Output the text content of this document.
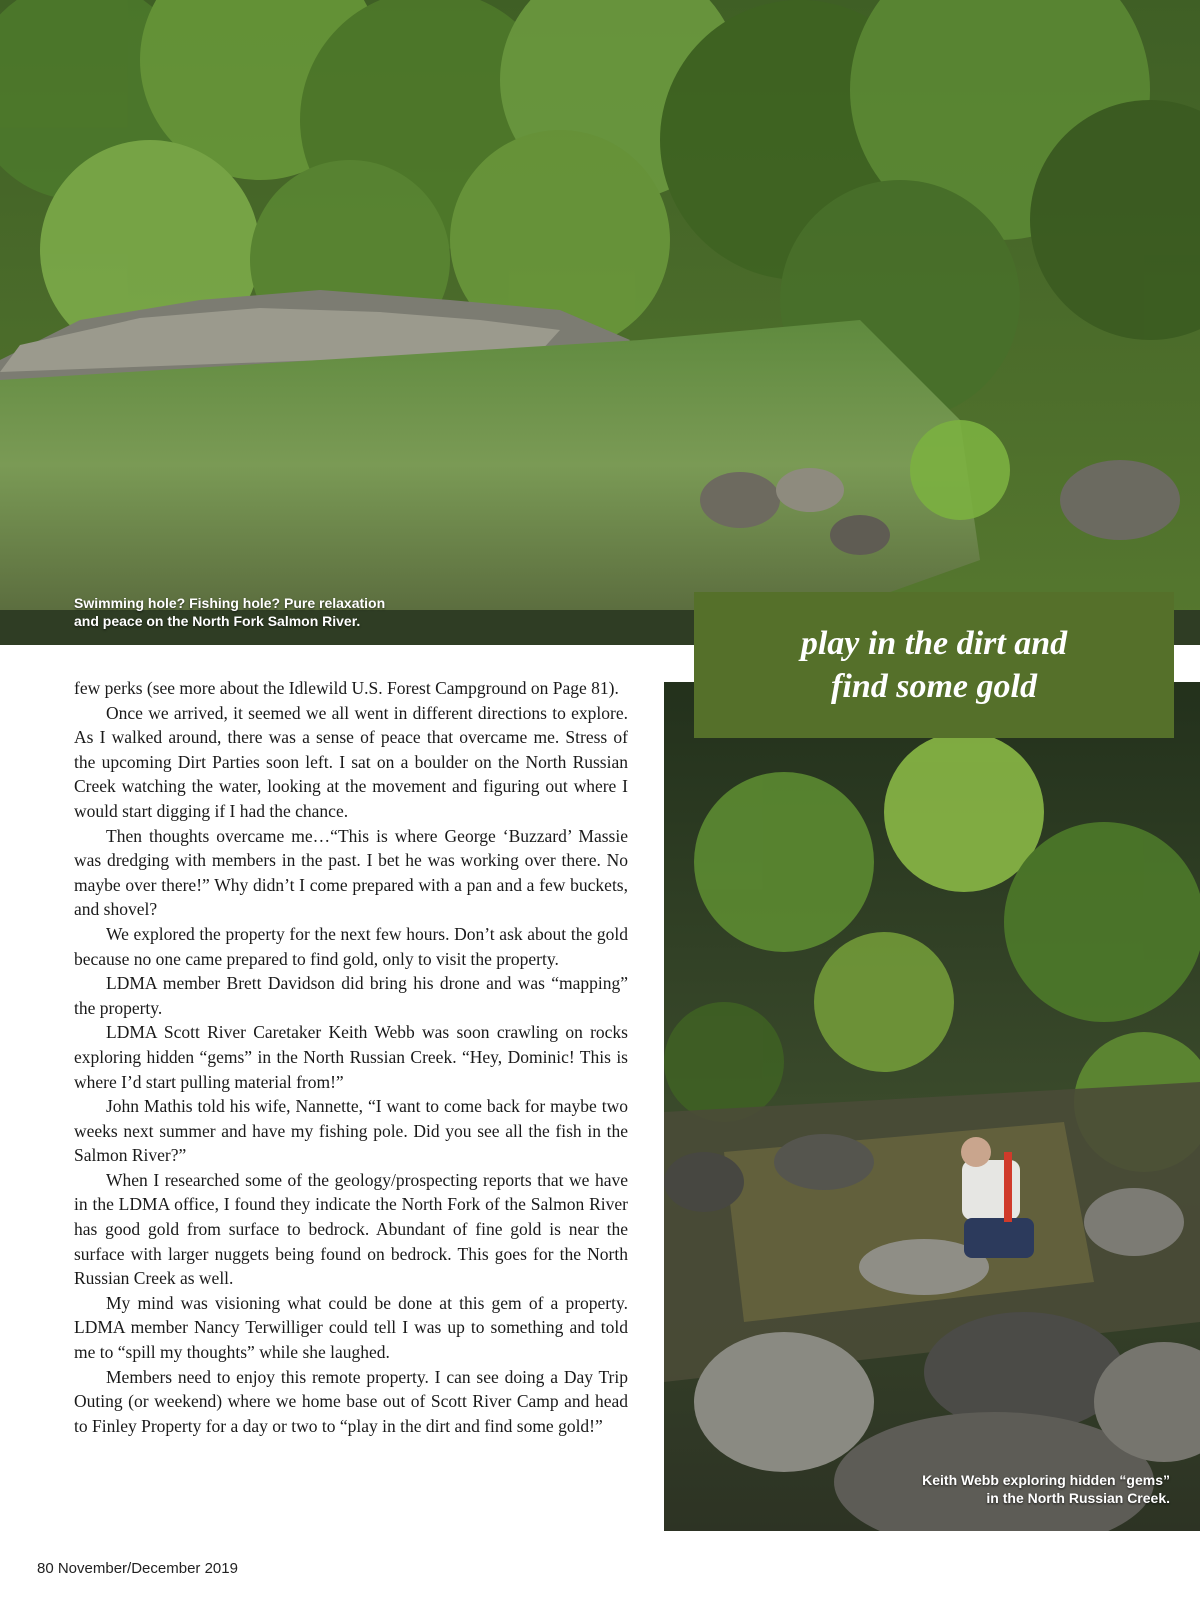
Swimming hole? Fishing hole? Pure relaxation
and peace on the North Fork Salmon River.
Keith Webb exploring hidden “gems”
in the North Russian Creek.
play in the dirt and
find some gold

few perks (see more about the Idlewild U.S. Forest Campground on Page 81).

Once we arrived, it seemed we all went in different directions to explore. As I walked around, there was a sense of peace that overcame me. Stress of the upcoming Dirt Parties soon left. I sat on a boulder on the North Russian Creek watching the water, looking at the movement and figuring out where I would start digging if I had the chance.

Then thoughts overcame me…“This is where George ‘Buzzard’ Massie was dredging with members in the past. I bet he was working over there. No maybe over there!” Why didn’t I come prepared with a pan and a few buckets, and shovel?

We explored the property for the next few hours. Don’t ask about the gold because no one came prepared to find gold, only to visit the property.

LDMA member Brett Davidson did bring his drone and was “mapping” the property.

LDMA Scott River Caretaker Keith Webb was soon crawling on rocks exploring hidden “gems” in the North Russian Creek. “Hey, Dominic! This is where I’d start pulling material from!”

John Mathis told his wife, Nannette, “I want to come back for maybe two weeks next summer and have my fishing pole. Did you see all the fish in the Salmon River?”

When I researched some of the geology/prospecting reports that we have in the LDMA office, I found they indicate the North Fork of the Salmon River has good gold from surface to bedrock. Abundant of fine gold is near the surface with larger nuggets being found on bedrock. This goes for the North Russian Creek as well.

My mind was visioning what could be done at this gem of a property. LDMA member Nancy Terwilliger could tell I was up to something and told me to “spill my thoughts” while she laughed.

Members need to enjoy this remote property. I can see doing a Day Trip Outing (or weekend) where we home base out of Scott River Camp and head to Finley Property for a day or two to “play in the dirt and find some gold!”

80 November/December 2019
